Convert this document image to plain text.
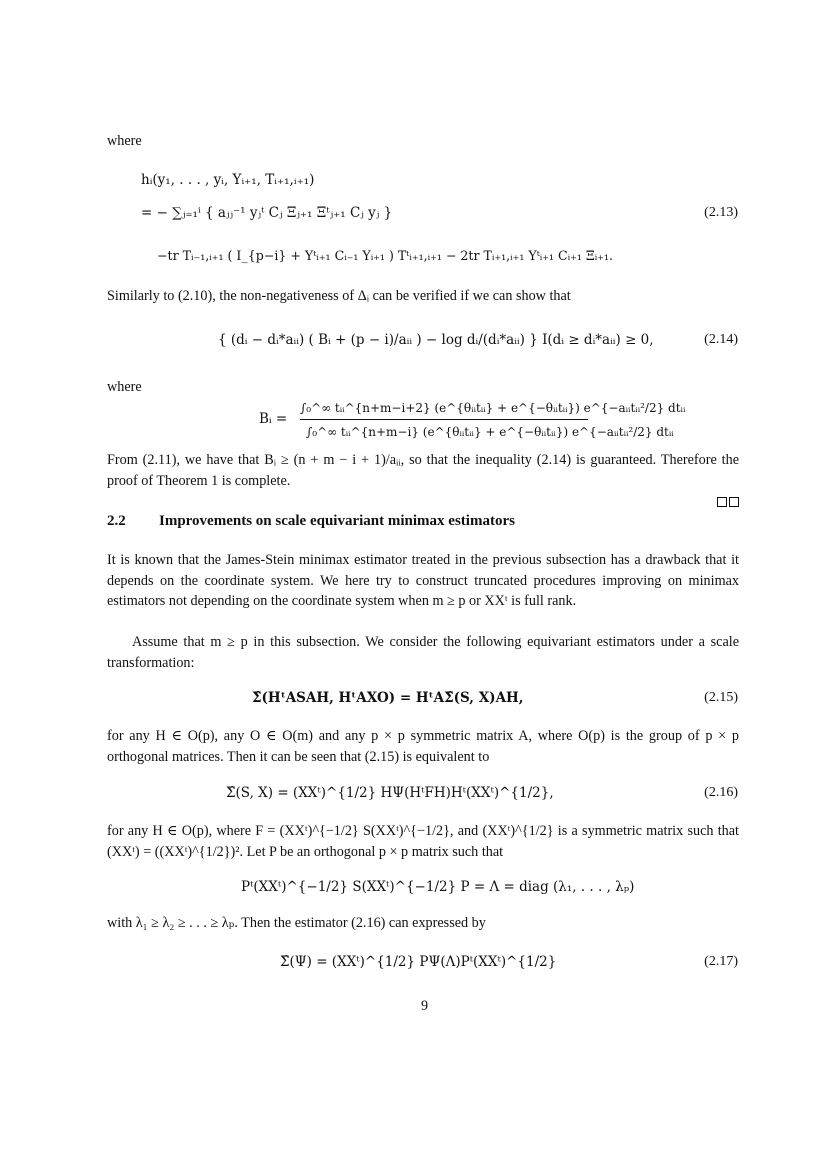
where
hᵢ(y₁, . . . , yᵢ, Yᵢ₊₁, Tᵢ₊₁,ᵢ₊₁)
= − ∑ⱼ₌₁ⁱ { aⱼⱼ⁻¹ yⱼᵗ Cⱼ Ξⱼ₊₁ Ξᵗⱼ₊₁ Cⱼ yⱼ }	(2.13)
−tr Tᵢ₋₁,ᵢ₊₁ ( I_{p−i} + Yᵗᵢ₊₁ Cᵢ₋₁ Yᵢ₊₁ ) Tᵗᵢ₊₁,ᵢ₊₁ − 2tr Tᵢ₊₁,ᵢ₊₁ Yᵗᵢ₊₁ Cᵢ₊₁ Ξᵢ₊₁.
Similarly to (2.10), the non-negativeness of Δᵢ can be verified if we can show that
{ (dᵢ − dᵢ*aᵢᵢ) ( Bᵢ + (p − i)/aᵢᵢ ) − log dᵢ/(dᵢ*aᵢᵢ) } I(dᵢ ≥ dᵢ*aᵢᵢ) ≥ 0,	(2.14)
where
Bᵢ =
∫₀^∞ tᵢᵢ^{n+m−i+2} (e^{θᵢᵢtᵢᵢ} + e^{−θᵢᵢtᵢᵢ}) e^{−aᵢᵢtᵢᵢ²/2} dtᵢᵢ
∫₀^∞ tᵢᵢ^{n+m−i} (e^{θᵢᵢtᵢᵢ} + e^{−θᵢᵢtᵢᵢ}) e^{−aᵢᵢtᵢᵢ²/2} dtᵢᵢ
From (2.11), we have that Bᵢ ≥ (n + m − i + 1)/aᵢᵢ, so that the inequality (2.14) is guaranteed. Therefore the proof of Theorem 1 is complete.
2.2 Improvements on scale equivariant minimax estimators
It is known that the James-Stein minimax estimator treated in the previous subsection has a drawback that it depends on the coordinate system. We here try to construct truncated procedures improving on minimax estimators not depending on the coordinate system when m ≥ p or XXᵗ is full rank.
Assume that m ≥ p in this subsection. We consider the following equivariant estimators under a scale transformation:
Σ̂(HᵗASAH, HᵗAXO) = HᵗAΣ̂(S, X)AH,	(2.15)
for any H ∈ O(p), any O ∈ O(m) and any p × p symmetric matrix A, where O(p) is the group of p × p orthogonal matrices. Then it can be seen that (2.15) is equivalent to
Σ̂(S, X) = (XXᵗ)^{1/2} HΨ(HᵗFH)Hᵗ(XXᵗ)^{1/2},	(2.16)
for any H ∈ O(p), where F = (XXᵗ)^{−1/2} S(XXᵗ)^{−1/2}, and (XXᵗ)^{1/2} is a symmetric matrix such that (XXᵗ) = ((XXᵗ)^{1/2})². Let P be an orthogonal p × p matrix such that
Pᵗ(XXᵗ)^{−1/2} S(XXᵗ)^{−1/2} P = Λ = diag (λ₁, . . . , λₚ)
with λ₁ ≥ λ₂ ≥ . . . ≥ λₚ. Then the estimator (2.16) can expressed by
Σ̂(Ψ) = (XXᵗ)^{1/2} PΨ(Λ)Pᵗ(XXᵗ)^{1/2}	(2.17)
9
